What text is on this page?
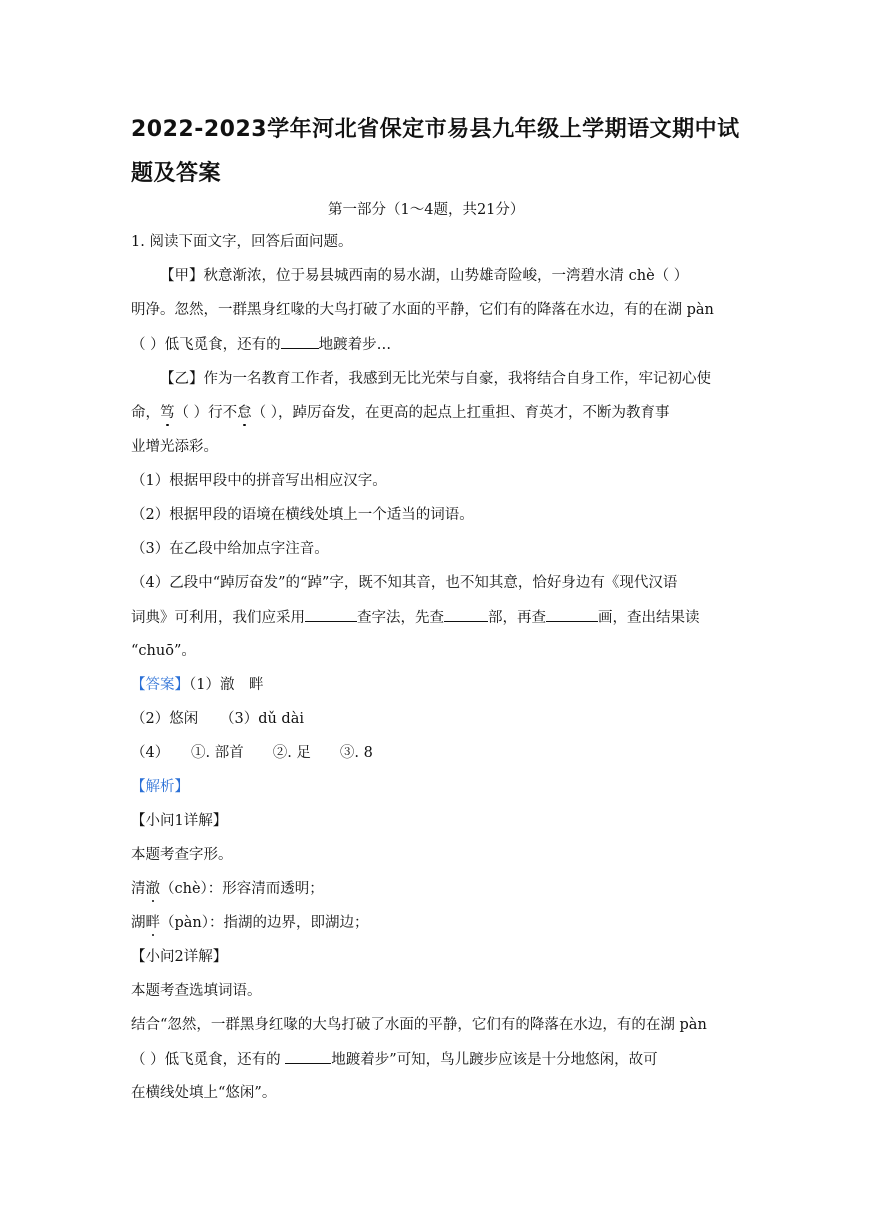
2022-2023学年河北省保定市易县九年级上学期语文期中试
题及答案
第一部分（1～4题，共21分）
1. 阅读下面文字，回答后面问题。
【甲】秋意渐浓，位于易县城西南的易水湖，山势雄奇险峻，一湾碧水清 chè（ ）
明净。忽然，一群黑身红喙的大鸟打破了水面的平静，它们有的降落在水边，有的在湖 pàn
（ ）低飞觅食，还有的	地踱着步…
【乙】作为一名教育工作者，我感到无比光荣与自豪，我将结合自身工作，牢记初心使
命，笃（ ）行不怠（ ），踔厉奋发，在更高的起点上扛重担、育英才，不断为教育事
业增光添彩。
（1）根据甲段中的拼音写出相应汉字。
（2）根据甲段的语境在横线处填上一个适当的词语。
（3）在乙段中给加点字注音。
（4）乙段中“踔厉奋发”的“踔”字，既不知其音，也不知其意，恰好身边有《现代汉语
词典》可利用，我们应采用	查字法，先查	部，再查	画，查出结果读
“chuō”。
【答案】（1）澈　畔
（2）悠闲　　（3）dǔ dài
（4）　　①. 部首　　②. 足　　③. 8
【解析】
【小问1详解】
本题考查字形。
清澈（chè）：形容清而透明；
湖畔（pàn）：指湖的边界，即湖边；
【小问2详解】
本题考查选填词语。
结合“忽然，一群黑身红喙的大鸟打破了水面的平静，它们有的降落在水边，有的在湖 pàn
（ ）低飞觅食，还有的	地踱着步”可知，鸟儿踱步应该是十分地悠闲，故可
在横线处填上“悠闲”。
